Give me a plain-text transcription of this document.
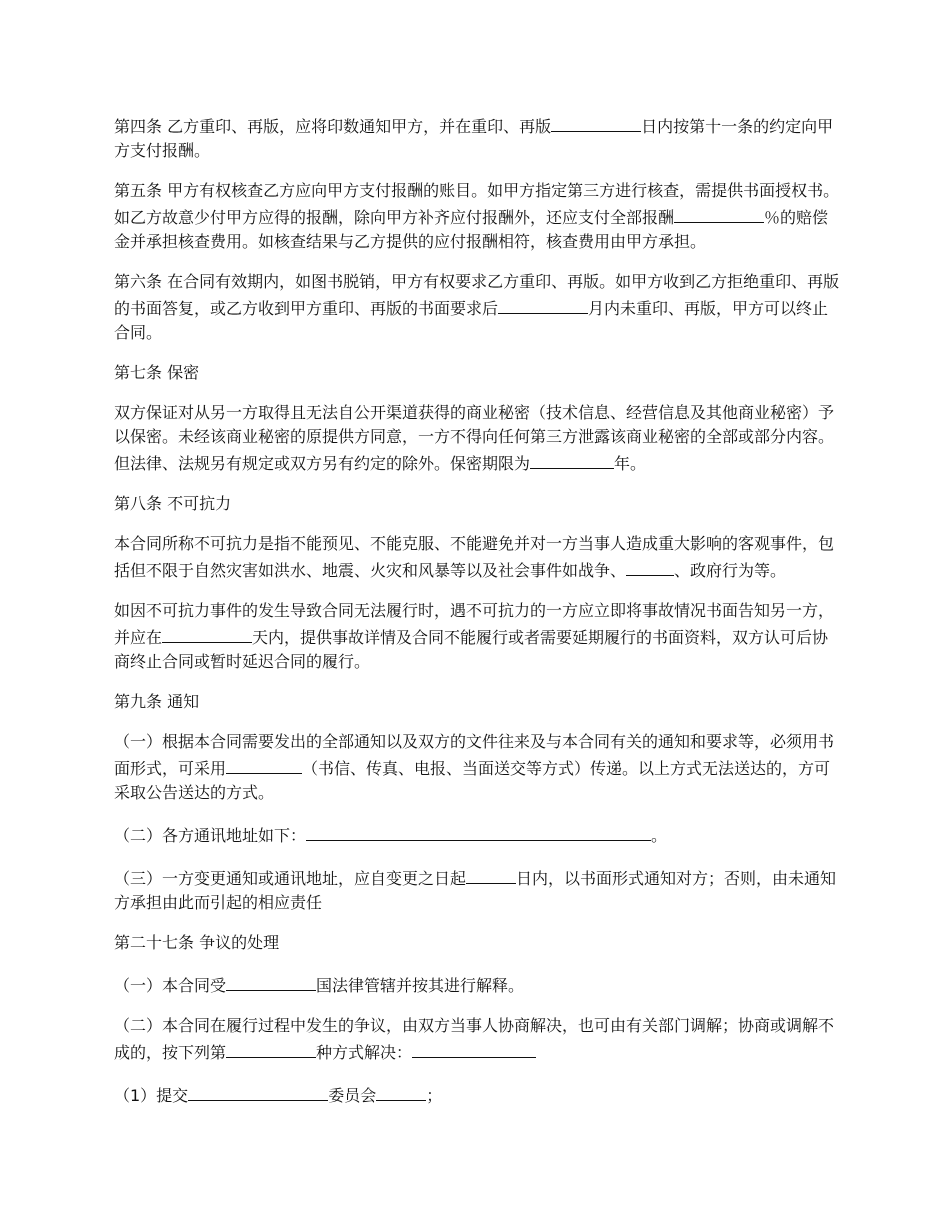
第四条 乙方重印、再版，应将印数通知甲方，并在重印、再版	日内按第十一条的约定向甲方支付报酬。

第五条 甲方有权核查乙方应向甲方支付报酬的账目。如甲方指定第三方进行核查，需提供书面授权书。如乙方故意少付甲方应得的报酬，除向甲方补齐应付报酬外，还应支付全部报酬	％的赔偿金并承担核查费用。如核查结果与乙方提供的应付报酬相符，核查费用由甲方承担。

第六条 在合同有效期内，如图书脱销，甲方有权要求乙方重印、再版。如甲方收到乙方拒绝重印、再版的书面答复，或乙方收到甲方重印、再版的书面要求后	月内未重印、再版，甲方可以终止合同。

第七条 保密

双方保证对从另一方取得且无法自公开渠道获得的商业秘密（技术信息、经营信息及其他商业秘密）予以保密。未经该商业秘密的原提供方同意，一方不得向任何第三方泄露该商业秘密的全部或部分内容。但法律、法规另有规定或双方另有约定的除外。保密期限为	年。

第八条 不可抗力

本合同所称不可抗力是指不能预见、不能克服、不能避免并对一方当事人造成重大影响的客观事件，包括但不限于自然灾害如洪水、地震、火灾和风暴等以及社会事件如战争、	、政府行为等。

如因不可抗力事件的发生导致合同无法履行时，遇不可抗力的一方应立即将事故情况书面告知另一方，并应在	天内，提供事故详情及合同不能履行或者需要延期履行的书面资料，双方认可后协商终止合同或暂时延迟合同的履行。

第九条 通知

（一）根据本合同需要发出的全部通知以及双方的文件往来及与本合同有关的通知和要求等，必须用书面形式，可采用	（书信、传真、电报、当面送交等方式）传递。以上方式无法送达的，方可采取公告送达的方式。

（二）各方通讯地址如下：	。

（三）一方变更通知或通讯地址，应自变更之日起	日内，以书面形式通知对方；否则，由未通知方承担由此而引起的相应责任

第二十七条 争议的处理

（一）本合同受	国法律管辖并按其进行解释。

（二）本合同在履行过程中发生的争议，由双方当事人协商解决，也可由有关部门调解；协商或调解不成的，按下列第	种方式解决：

（1）提交	委员会	；
